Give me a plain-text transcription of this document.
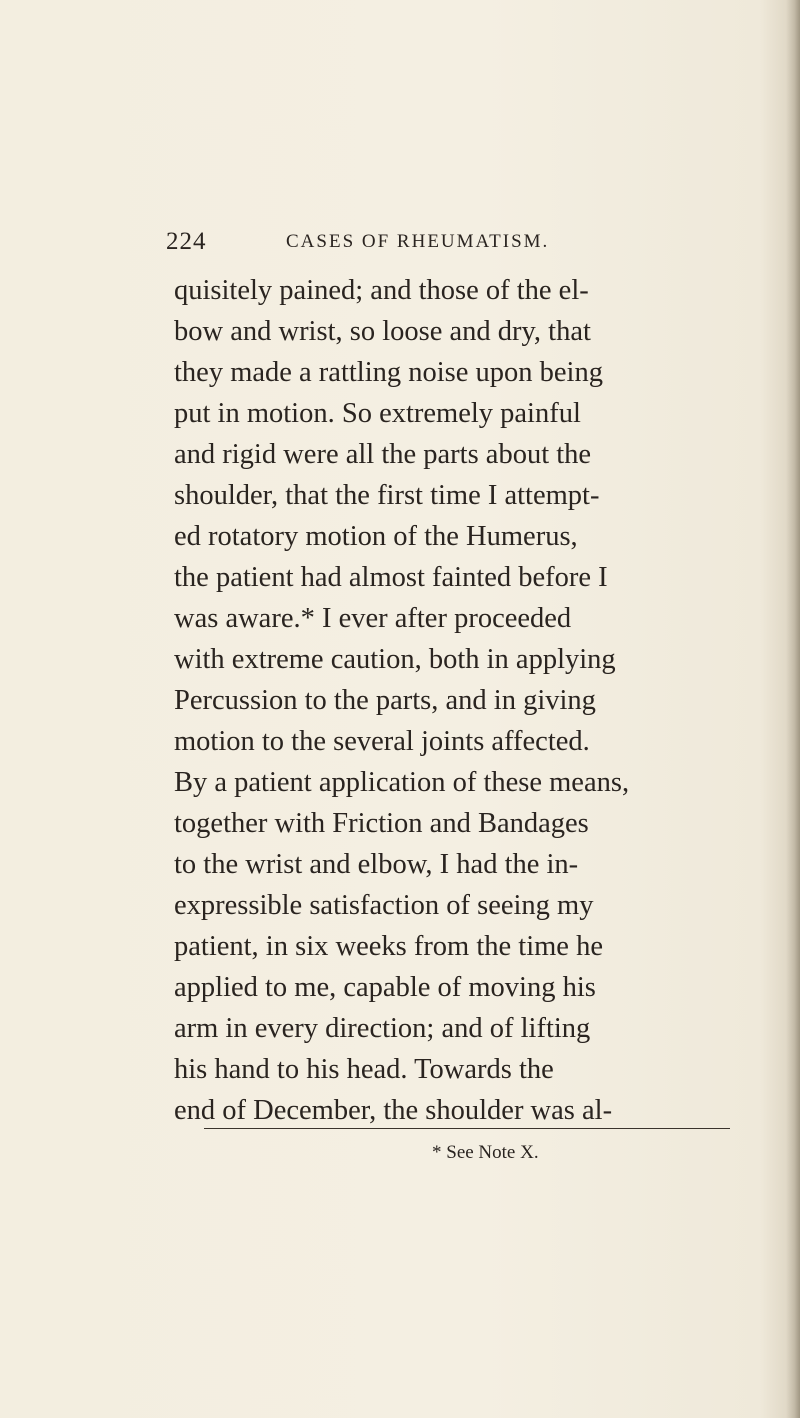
224	CASES OF RHEUMATISM.
quisitely pained; and those of the el-
bow and wrist, so loose and dry, that
they made a rattling noise upon being
put in motion. So extremely painful
and rigid were all the parts about the
shoulder, that the first time I attempt-
ed rotatory motion of the Humerus,
the patient had almost fainted before I
was aware.* I ever after proceeded
with extreme caution, both in applying
Percussion to the parts, and in giving
motion to the several joints affected.
By a patient application of these means,
together with Friction and Bandages
to the wrist and elbow, I had the in-
expressible satisfaction of seeing my
patient, in six weeks from the time he
applied to me, capable of moving his
arm in every direction; and of lifting
his hand to his head. Towards the
end of December, the shoulder was al-
* See Note X.
